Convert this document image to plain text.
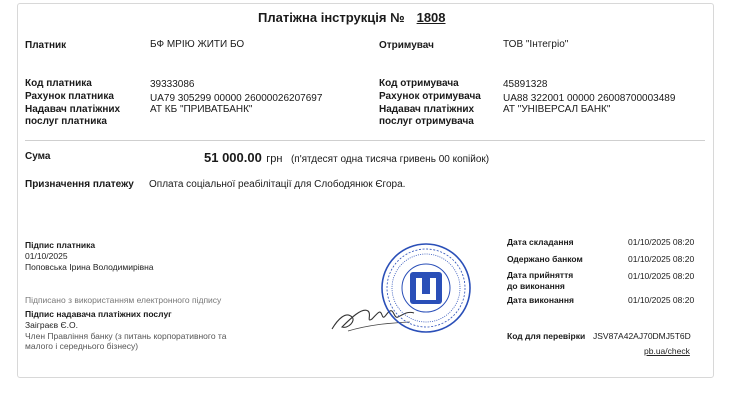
Платіжна інструкція № 1808
Платник	БФ МРІЮ ЖИТИ БО	Отримувач	ТОВ "Інтегріо"
Код платника	39333086
Рахунок платника	UA79 305299 00000 26000026207697
Надавач платіжних
послуг платника
АТ КБ "ПРИВАТБАНК"
Код отримувача	45891328
Рахунок отримувача UA88 322001 00000 26008700003489
Надавач платіжних
послуг отримувача
АТ "УНІВЕРСАЛ БАНК"
Сума	51 000.00 грн (п'ятдесят одна тисяча гривень 00 копійок)
Призначення платежу Оплата соціальної реабілітації для Слободянюк Єгора.
Підпис платника
01/10/2025
Поповська Ірина Володимирівна
Підписано з використанням електронного підпису
Підпис надавача платіжних послуг
Заіграєв Є.О.
Член Правління банку (з питань корпоративного та
малого і середнього бізнесу)
Дата складання	01/10/2025 08:20
Одержано банком	01/10/2025 08:20
Дата прийняття
до виконання
01/10/2025 08:20
Дата виконання	01/10/2025 08:20
Код для перевірки JSV87A42AJ70DMJ5T6D
pb.ua/check
